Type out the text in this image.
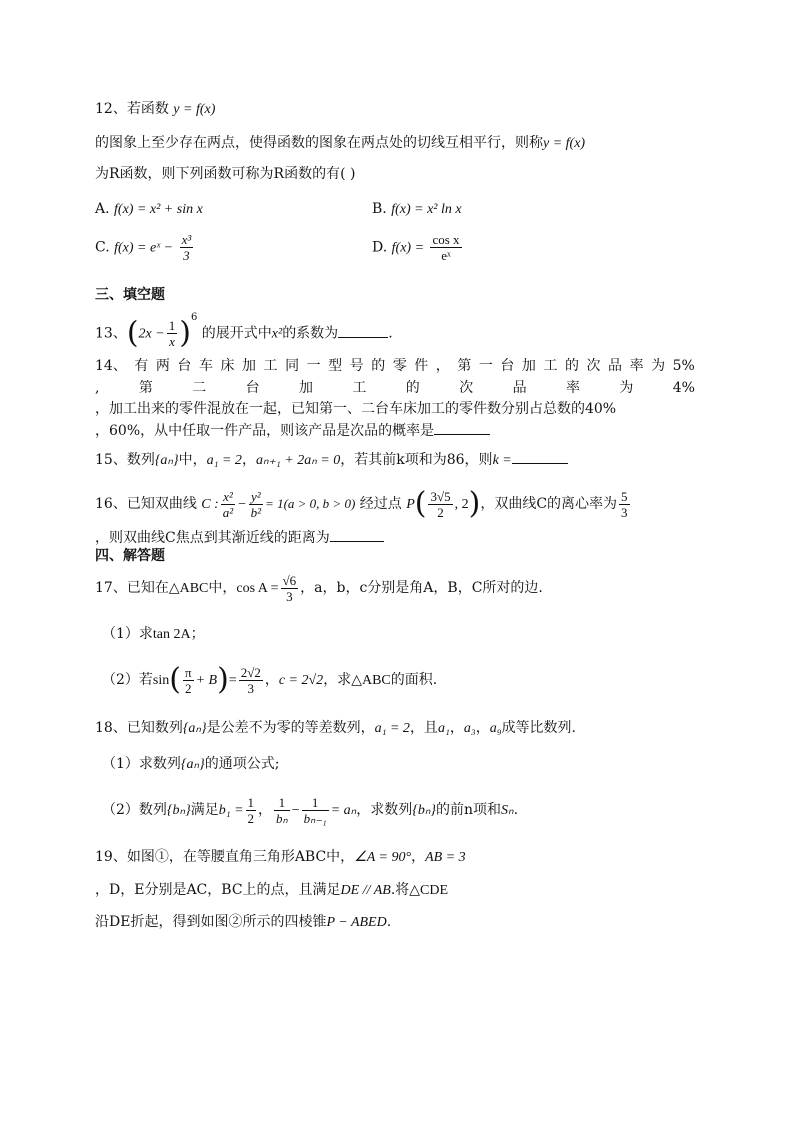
12、若函数 y = f(x)
的图象上至少存在两点，使得函数的图象在两点处的切线互相平行，则称y = f(x)
为R函数，则下列函数可称为R函数的有( )
A. f(x) = x² + sin x	B. f(x) = x² ln x
C. f(x) = eˣ − $\frac{\text{x³}}{3}$	D. $f(x) = \frac{\text{cos x}}{\text{eˣ}}$
三、填空题
13、$(2x - \frac{1}{x} )^6$ 的展开式中x²的系数为	.
14、 有 两 台 车 床 加 工 同 一 型 号 的 零 件 ， 第 一 台 加 工 的 次 品 率 为 5%
,	第	二	台	加	工	的	次	品	率	为	4%
，加工出来的零件混放在一起，已知第一、二台车床加工的零件数分别占总数的40%
，60%，从中任取一件产品，则该产品是次品的概率是
15、数列{aₙ}中，a₁ = 2，aₙ₊₁ + 2aₙ = 0，若其前k项和为86，则k =
16、已知双曲线 C : $\frac{\text{x²}}{\text{a²}} - \frac{\text{y²}}{\text{b²}} = 1(a > 0$, b > 0) 经过点 $P( \frac{3√5}{2}$ , 2)，双曲线C的离心率为 $\frac{5}{3}$
，则双曲线C焦点到其渐近线的距离为
四、解答题
17、已知在△ABC中，$\cos A = \frac{√6}{3}$ ，a，b，c分别是角A，B，C所对的边.
（1）求tan 2A；
（2）若$\sin( \frac{\pi}{2} + B)= \frac{2√2}{3}$ ，c = 2√2，求△ABC的面积.
18、已知数列{aₙ}是公差不为零的等差数列，a₁ = 2，且a₁，a₃，a₉成等比数列.
（1）求数列{aₙ}的通项公式;
（2）数列{bₙ}满足$b_1 = \frac{1}{2}$ ， $\frac{1}{\text{bₙ}} - \frac{1}{\text{bₙ₋₁}} = a_n$，求数列{bₙ}的前n项和Sₙ.
19、如图①，在等腰直角三角形ABC中，∠A = 90°，AB = 3
，D，E分别是AC，BC上的点，且满足DE // AB.将△CDE
沿DE折起，得到如图②所示的四棱锥P − ABED.
